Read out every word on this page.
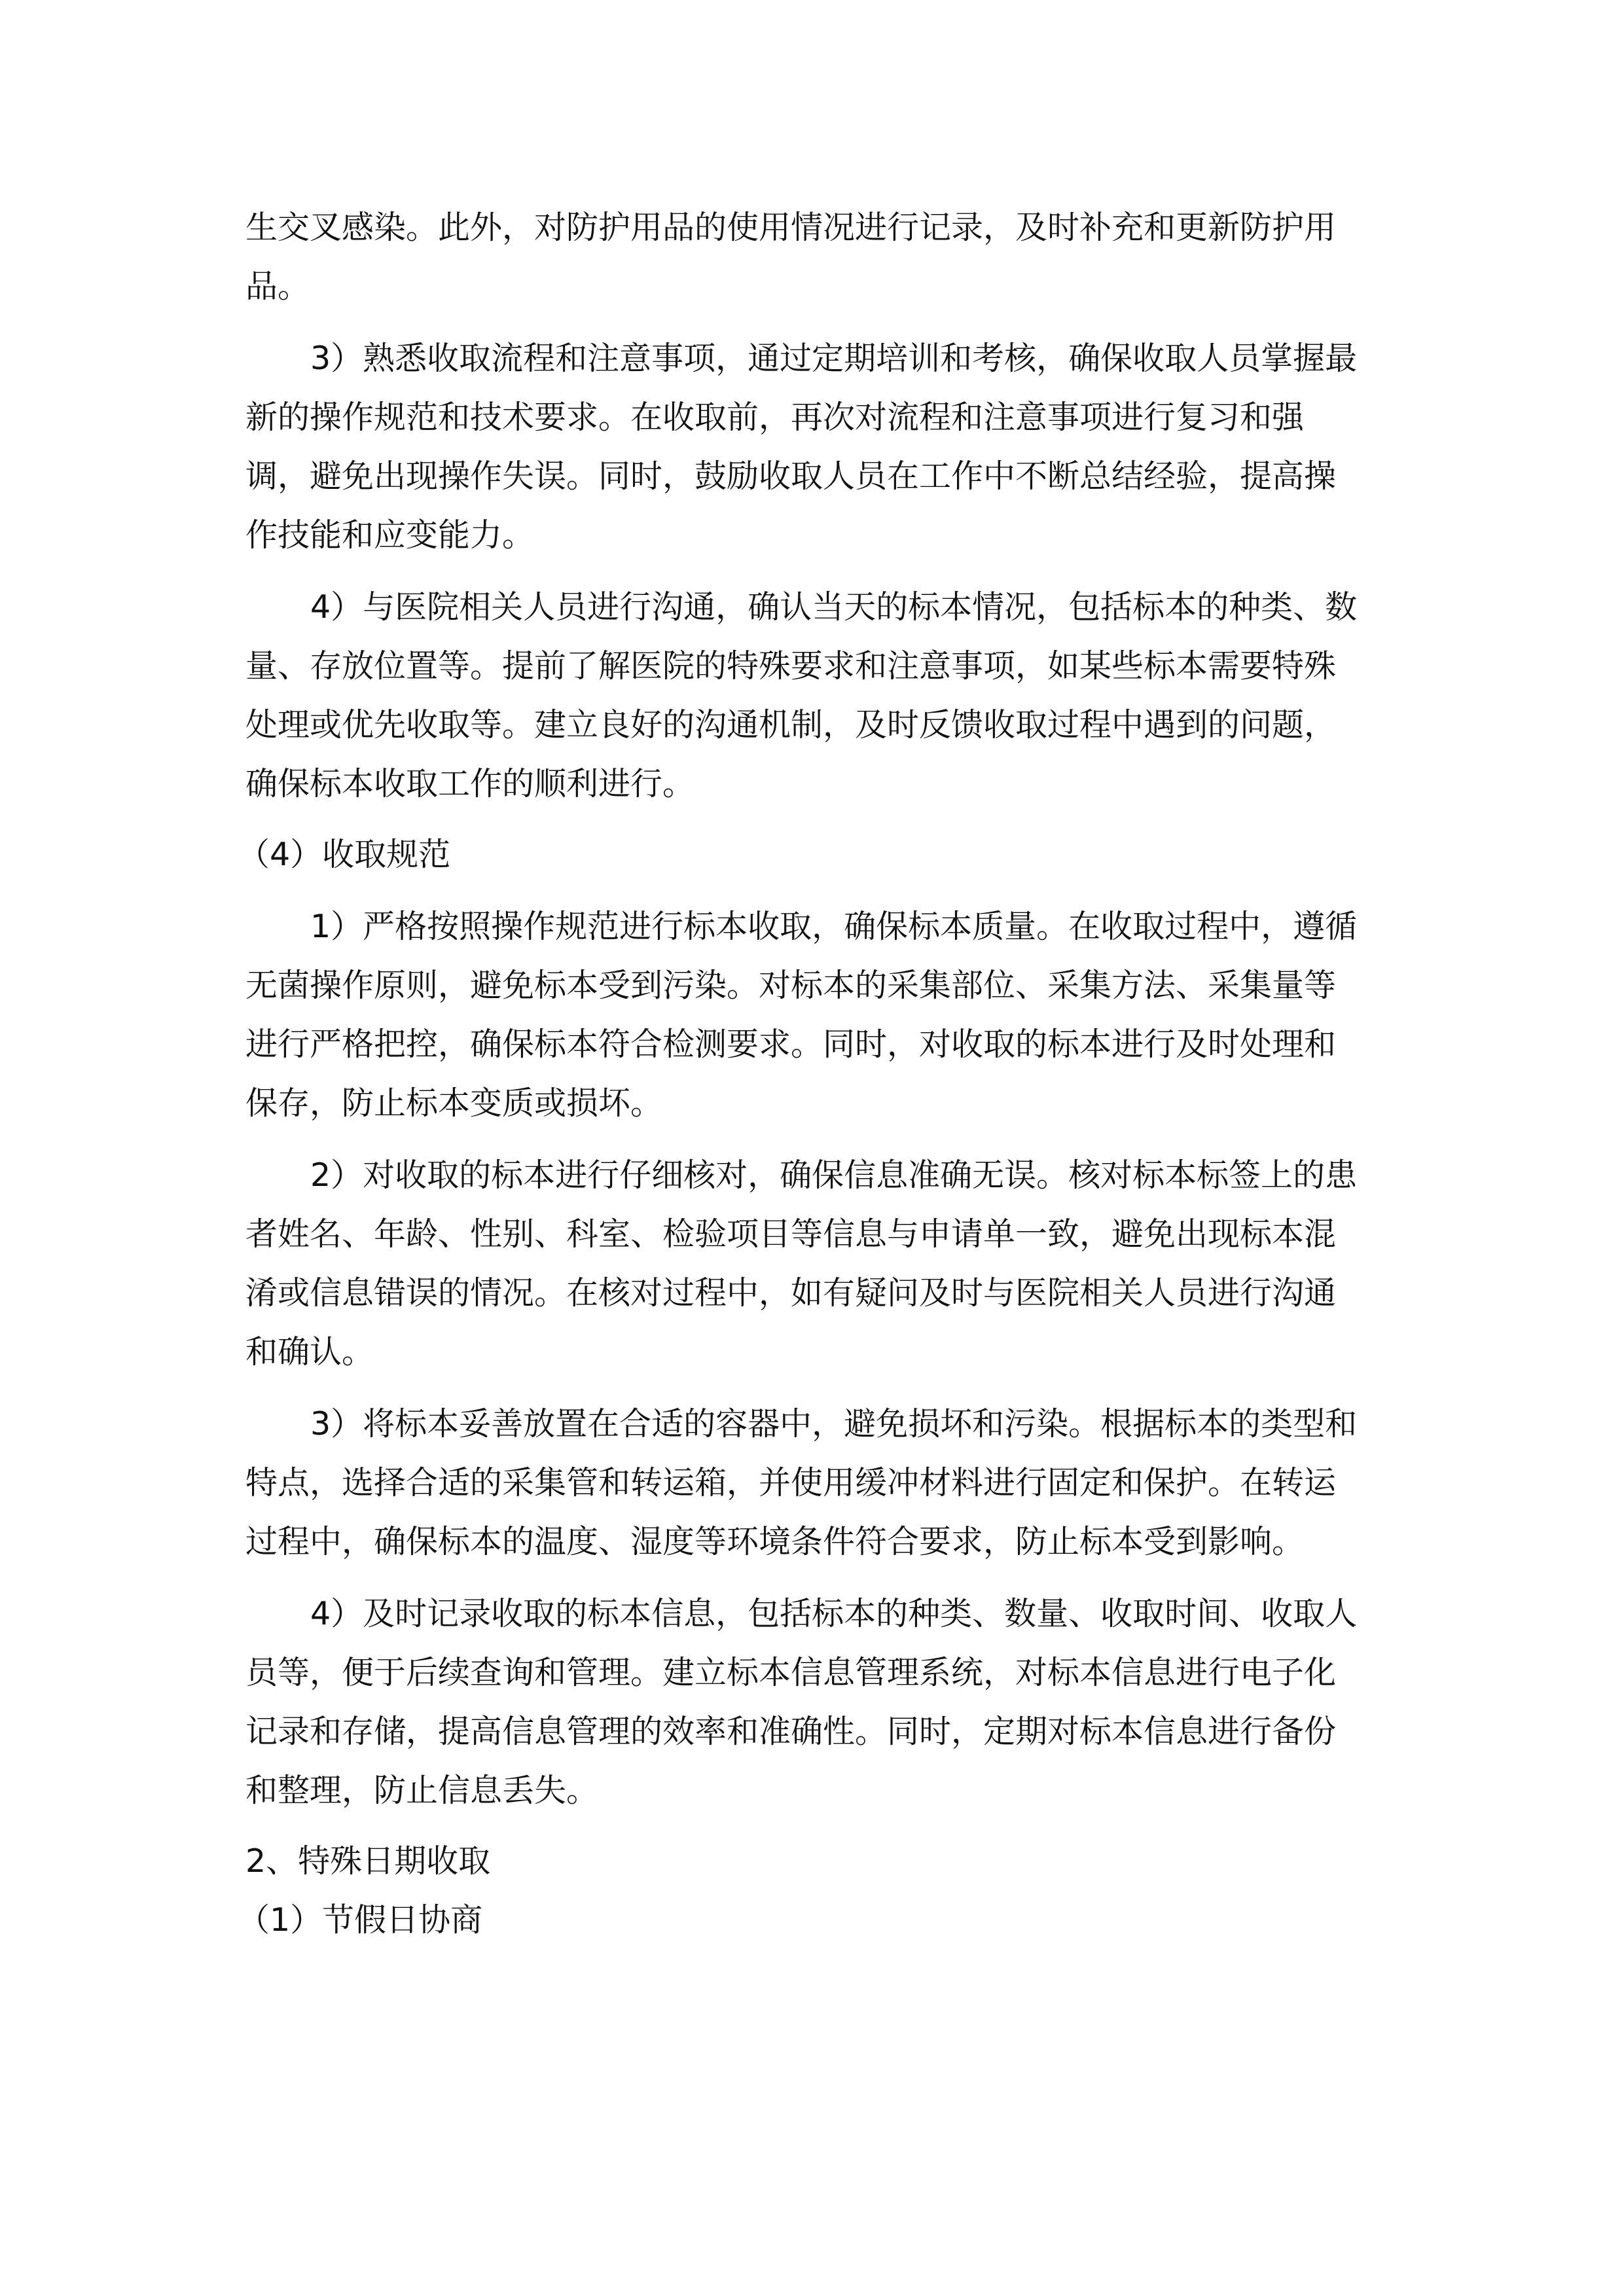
生交叉感染。此外，对防护用品的使用情况进行记录，及时补充和更新防护用
品。
3）熟悉收取流程和注意事项，通过定期培训和考核，确保收取人员掌握最
新的操作规范和技术要求。在收取前，再次对流程和注意事项进行复习和强
调，避免出现操作失误。同时，鼓励收取人员在工作中不断总结经验，提高操
作技能和应变能力。
4）与医院相关人员进行沟通，确认当天的标本情况，包括标本的种类、数
量、存放位置等。提前了解医院的特殊要求和注意事项，如某些标本需要特殊
处理或优先收取等。建立良好的沟通机制，及时反馈收取过程中遇到的问题，
确保标本收取工作的顺利进行。
（4）收取规范
1）严格按照操作规范进行标本收取，确保标本质量。在收取过程中，遵循
无菌操作原则，避免标本受到污染。对标本的采集部位、采集方法、采集量等
进行严格把控，确保标本符合检测要求。同时，对收取的标本进行及时处理和
保存，防止标本变质或损坏。
2）对收取的标本进行仔细核对，确保信息准确无误。核对标本标签上的患
者姓名、年龄、性别、科室、检验项目等信息与申请单一致，避免出现标本混
淆或信息错误的情况。在核对过程中，如有疑问及时与医院相关人员进行沟通
和确认。
3）将标本妥善放置在合适的容器中，避免损坏和污染。根据标本的类型和
特点，选择合适的采集管和转运箱，并使用缓冲材料进行固定和保护。在转运
过程中，确保标本的温度、湿度等环境条件符合要求，防止标本受到影响。
4）及时记录收取的标本信息，包括标本的种类、数量、收取时间、收取人
员等，便于后续查询和管理。建立标本信息管理系统，对标本信息进行电子化
记录和存储，提高信息管理的效率和准确性。同时，定期对标本信息进行备份
和整理，防止信息丢失。
2、特殊日期收取
（1）节假日协商
